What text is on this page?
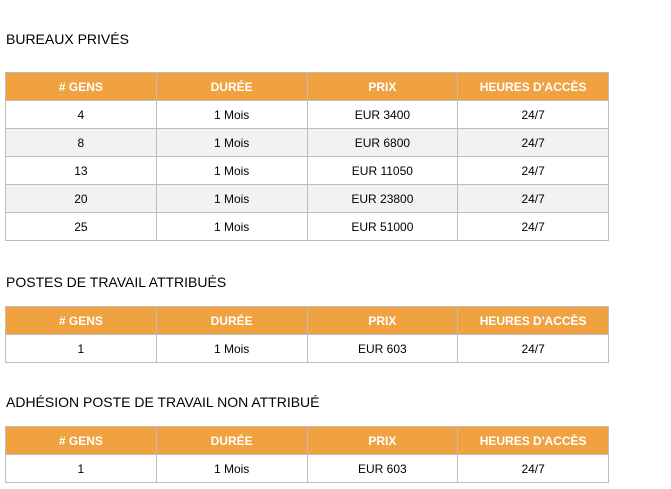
BUREAUX PRIVÉS
# GENS	DURÉE	PRIX	HEURES D'ACCÈS
4	1 Mois	EUR 3400	24/7
8	1 Mois	EUR 6800	24/7
13	1 Mois	EUR 11050	24/7
20	1 Mois	EUR 23800	24/7
25	1 Mois	EUR 51000	24/7
POSTES DE TRAVAIL ATTRIBUÉS
# GENS	DURÉE	PRIX	HEURES D'ACCÈS
1	1 Mois	EUR 603	24/7
ADHÉSION POSTE DE TRAVAIL NON ATTRIBUÉ
# GENS	DURÉE	PRIX	HEURES D'ACCÈS
1	1 Mois	EUR 603	24/7
